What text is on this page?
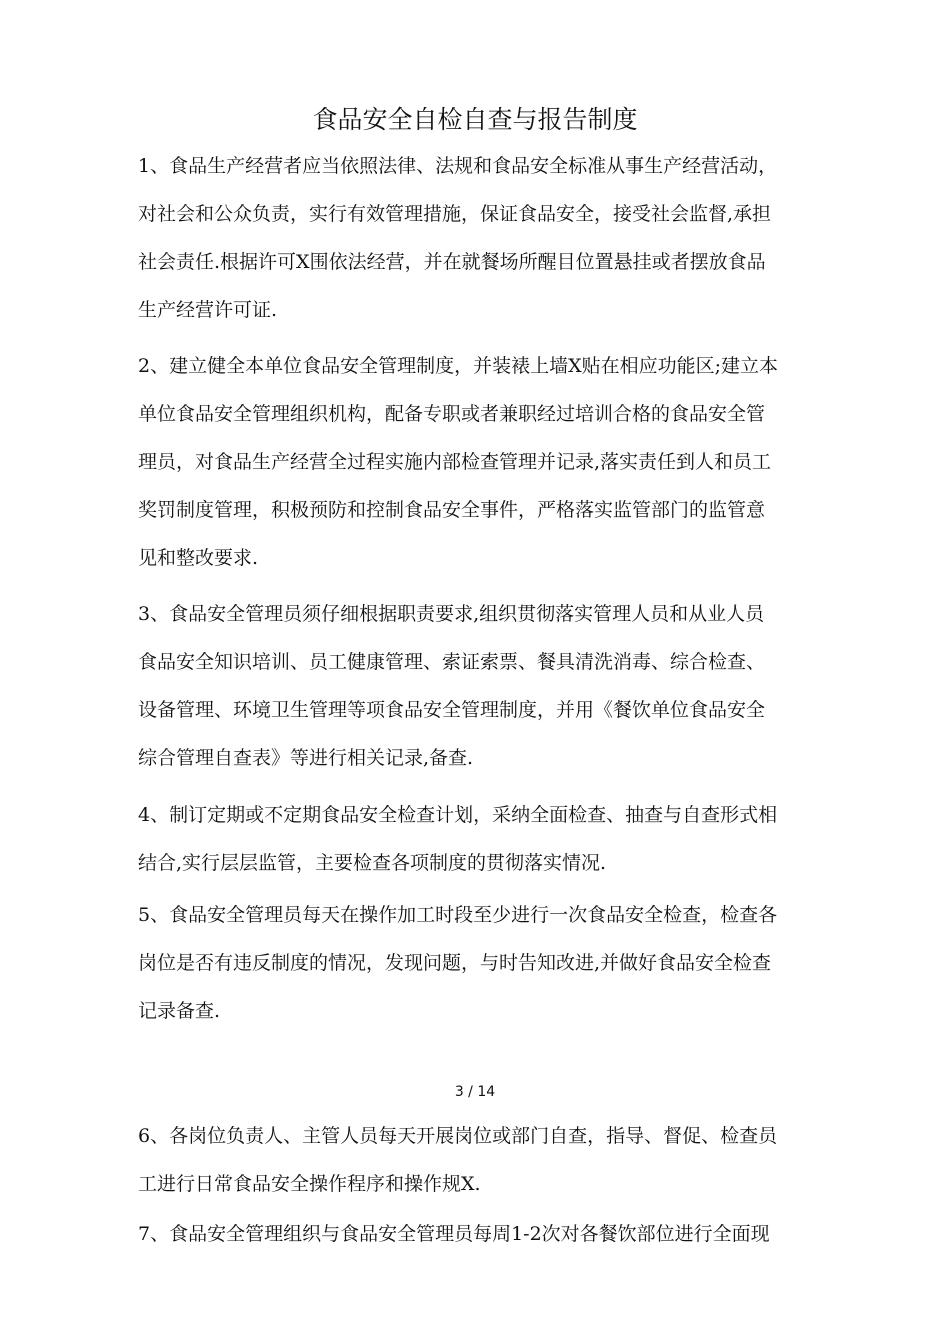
食品安全自检自查与报告制度
1、食品生产经营者应当依照法律、法规和食品安全标准从事生产经营活动，
对社会和公众负责，实行有效管理措施，保证食品安全，接受社会监督,承担
社会责任.根据许可X围依法经营，并在就餐场所醒目位置悬挂或者摆放食品
生产经营许可证.
2、建立健全本单位食品安全管理制度，并装裱上墙X贴在相应功能区;建立本
单位食品安全管理组织机构，配备专职或者兼职经过培训合格的食品安全管
理员，对食品生产经营全过程实施内部检查管理并记录,落实责任到人和员工
奖罚制度管理，积极预防和控制食品安全事件，严格落实监管部门的监管意
见和整改要求.
3、食品安全管理员须仔细根据职责要求,组织贯彻落实管理人员和从业人员
食品安全知识培训、员工健康管理、索证索票、餐具清洗消毒、综合检查、
设备管理、环境卫生管理等项食品安全管理制度，并用《餐饮单位食品安全
综合管理自查表》等进行相关记录,备查.
4、制订定期或不定期食品安全检查计划，采纳全面检查、抽查与自查形式相
结合,实行层层监管，主要检查各项制度的贯彻落实情况.
5、食品安全管理员每天在操作加工时段至少进行一次食品安全检查，检查各
岗位是否有违反制度的情况，发现问题，与时告知改进,并做好食品安全检查
记录备查.
3 / 14
6、各岗位负责人、主管人员每天开展岗位或部门自查，指导、督促、检查员
工进行日常食品安全操作程序和操作规X.
7、食品安全管理组织与食品安全管理员每周1-2次对各餐饮部位进行全面现
